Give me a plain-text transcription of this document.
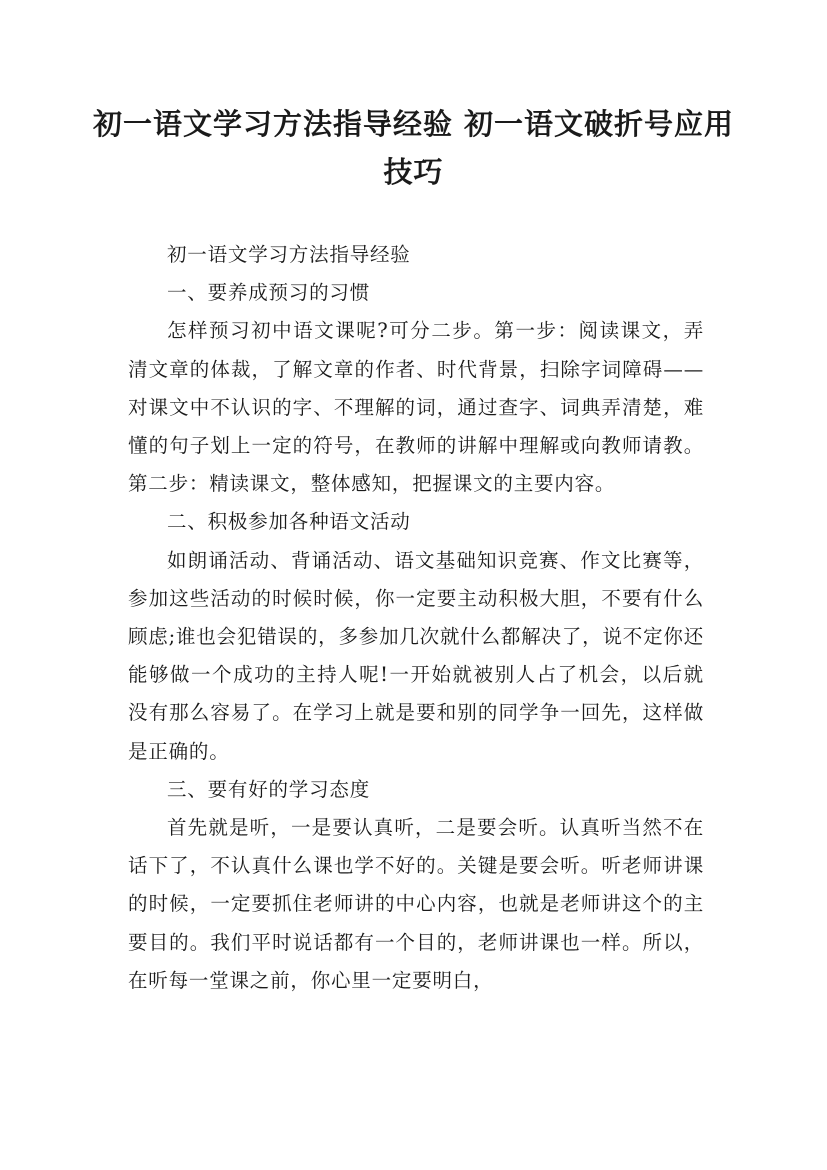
初一语文学习方法指导经验 初一语文破折号应用技巧

初一语文学习方法指导经验

一、要养成预习的习惯

怎样预习初中语文课呢?可分二步。第一步：阅读课文，弄清文章的体裁，了解文章的作者、时代背景，扫除字词障碍——对课文中不认识的字、不理解的词，通过查字、词典弄清楚，难懂的句子划上一定的符号，在教师的讲解中理解或向教师请教。第二步：精读课文，整体感知，把握课文的主要内容。

二、积极参加各种语文活动

如朗诵活动、背诵活动、语文基础知识竞赛、作文比赛等，参加这些活动的时候时候，你一定要主动积极大胆，不要有什么顾虑;谁也会犯错误的，多参加几次就什么都解决了，说不定你还能够做一个成功的主持人呢!一开始就被别人占了机会，以后就没有那么容易了。在学习上就是要和别的同学争一回先，这样做是正确的。

三、要有好的学习态度

首先就是听，一是要认真听，二是要会听。认真听当然不在话下了，不认真什么课也学不好的。关键是要会听。听老师讲课的时候，一定要抓住老师讲的中心内容，也就是老师讲这个的主要目的。我们平时说话都有一个目的，老师讲课也一样。所以，在听每一堂课之前，你心里一定要明白，
